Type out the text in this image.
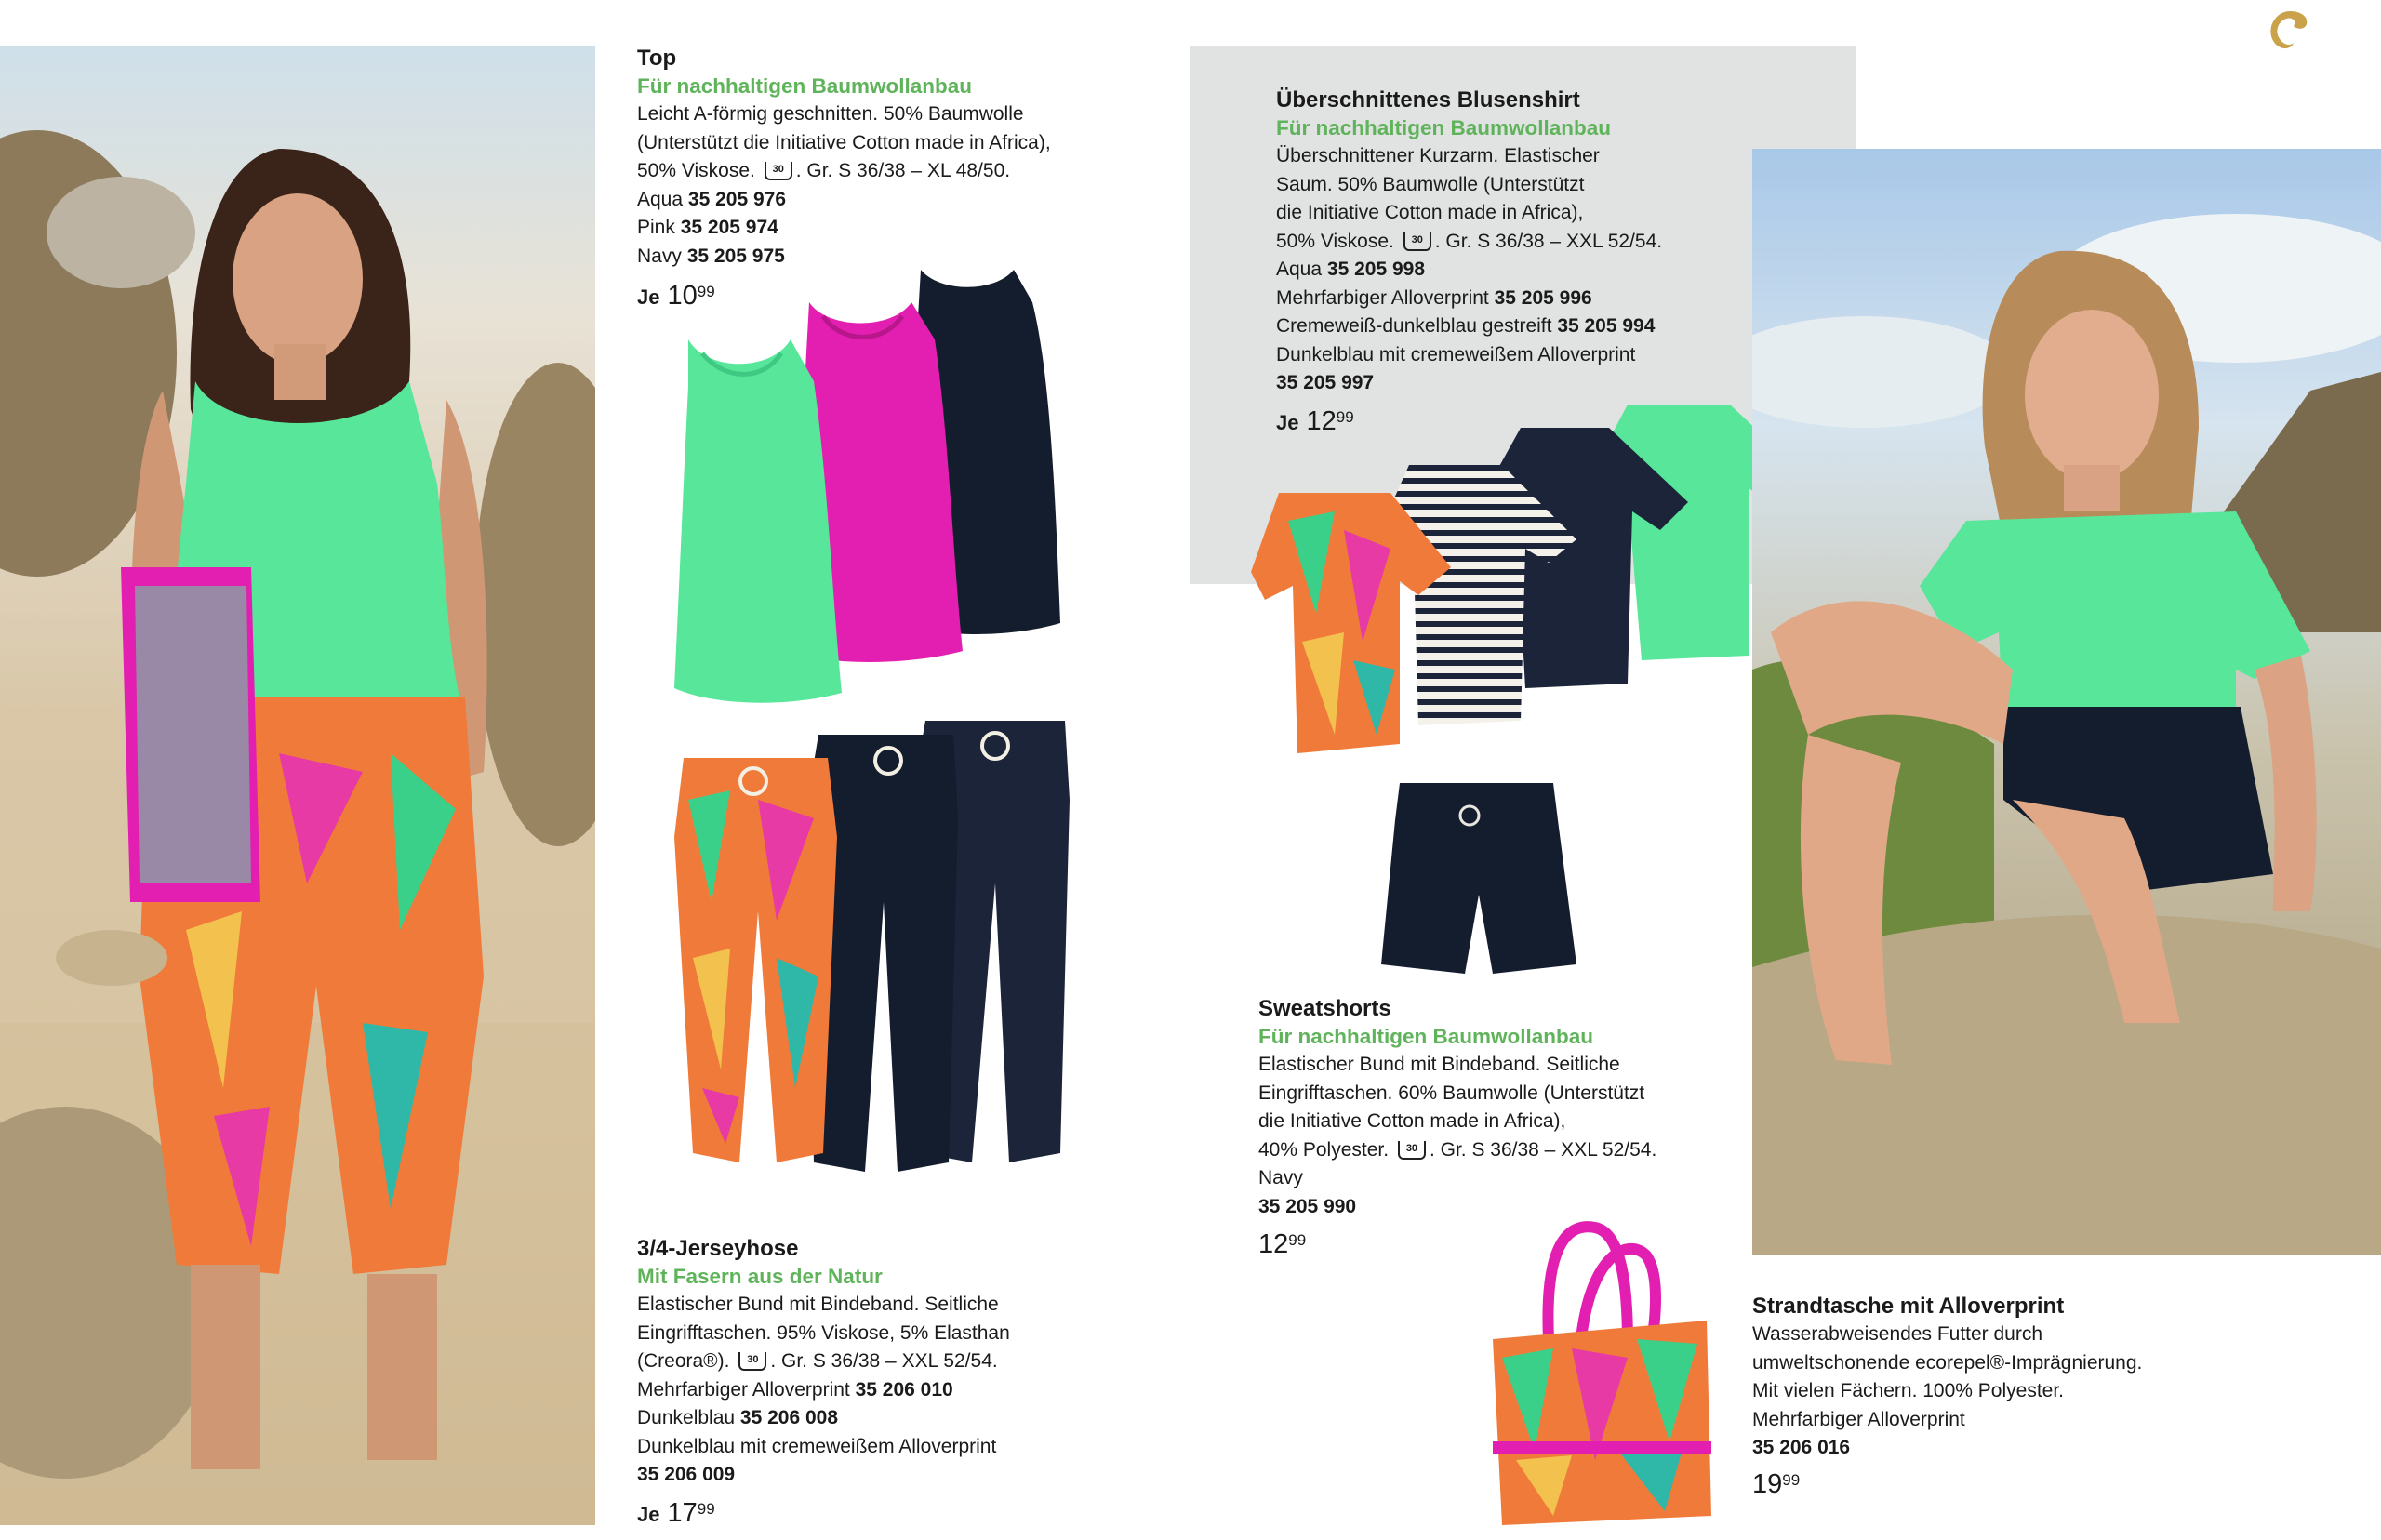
Top
Für nachhaltigen Baumwollanbau
Leicht A-förmig geschnitten. 50% Baumwolle
(Unterstützt die Initiative Cotton made in Africa),
50% Viskose. 30 . Gr. S 36/38 – XL 48/50.
Aqua 35 205 976
Pink 35 205 974
Navy 35 205 975
Je $10^{99}$
3/4-Jerseyhose
Mit Fasern aus der Natur
Elastischer Bund mit Bindeband. Seitliche
Eingrifftaschen. 95% Viskose, 5% Elasthan
(Creora®). 30 . Gr. S 36/38 – XXL 52/54.
Mehrfarbiger Alloverprint 35 206 010
Dunkelblau 35 206 008
Dunkelblau mit cremeweißem Alloverprint
35 206 009
Je $17^{99}$
Überschnittenes Blusenshirt
Für nachhaltigen Baumwollanbau
Überschnittener Kurzarm. Elastischer
Saum. 50% Baumwolle (Unterstützt
die Initiative Cotton made in Africa),
50% Viskose. 30 . Gr. S 36/38 – XXL 52/54.
Aqua 35 205 998
Mehrfarbiger Alloverprint 35 205 996
Cremeweiß-dunkelblau gestreift 35 205 994
Dunkelblau mit cremeweißem Alloverprint
35 205 997
Je $12^{99}$
Sweatshorts
Für nachhaltigen Baumwollanbau
Elastischer Bund mit Bindeband. Seitliche
Eingrifftaschen. 60% Baumwolle (Unterstützt
die Initiative Cotton made in Africa),
40% Polyester. 30 . Gr. S 36/38 – XXL 52/54.
Navy
35 205 990
$12^{99}$
Strandtasche mit Alloverprint
Wasserabweisendes Futter durch
umweltschonende ecorepel®-Imprägnierung.
Mit vielen Fächern. 100% Polyester.
Mehrfarbiger Alloverprint
35 206 016
$19^{99}$
